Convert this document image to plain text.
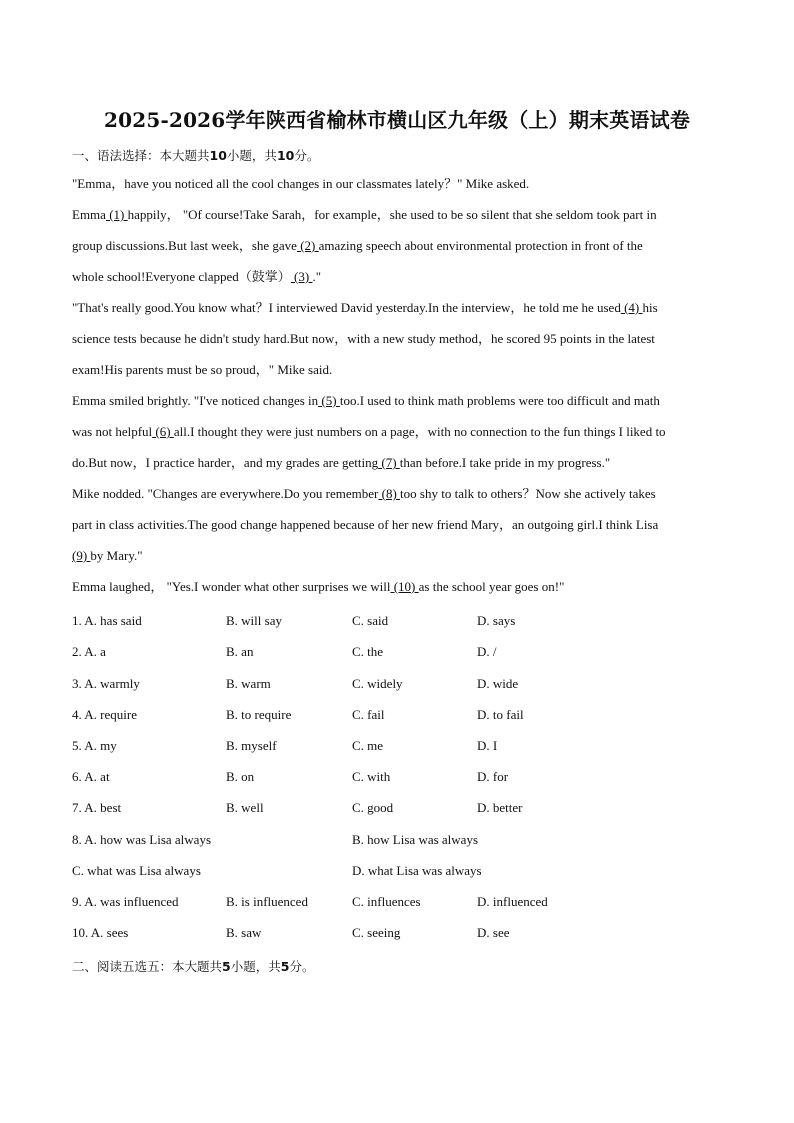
2025-2026学年陕西省榆林市横山区九年级（上）期末英语试卷
一、语法选择：本大题共10小题，共10分。
"Emma，have you noticed all the cool changes in our classmates lately？" Mike asked.
Emma (1) happily， "Of course!Take Sarah，for example，she used to be so silent that she seldom took part in
group discussions.But last week，she gave (2) amazing speech about environmental protection in front of the
whole school!Everyone clapped（鼓掌） (3) ."
"That's really good.You know what？I interviewed David yesterday.In the interview，he told me he used (4) his
science tests because he didn't study hard.But now，with a new study method，he scored 95 points in the latest
exam!His parents must be so proud，" Mike said.
Emma smiled brightly. "I've noticed changes in (5) too.I used to think math problems were too difficult and math
was not helpful (6) all.I thought they were just numbers on a page，with no connection to the fun things I liked to
do.But now，I practice harder，and my grades are getting (7) than before.I take pride in my progress."
Mike nodded. "Changes are everywhere.Do you remember (8) too shy to talk to others？Now she actively takes
part in class activities.The good change happened because of her new friend Mary，an outgoing girl.I think Lisa
(9) by Mary."
Emma laughed， "Yes.I wonder what other surprises we will (10) as the school year goes on!"
1. A. has said	B. will say	C. said	D. says
2. A. a	B. an	C. the	D. /
3. A. warmly	B. warm	C. widely	D. wide
4. A. require	B. to require	C. fail	D. to fail
5. A. my	B. myself	C. me	D. I
6. A. at	B. on	C. with	D. for
7. A. best	B. well	C. good	D. better
8. A. how was Lisa always	B. how Lisa was always
C. what was Lisa always	D. what Lisa was always
9. A. was influenced	B. is influenced	C. influences	D. influenced
10. A. sees	B. saw	C. seeing	D. see
二、阅读五选五：本大题共5小题，共5分。
